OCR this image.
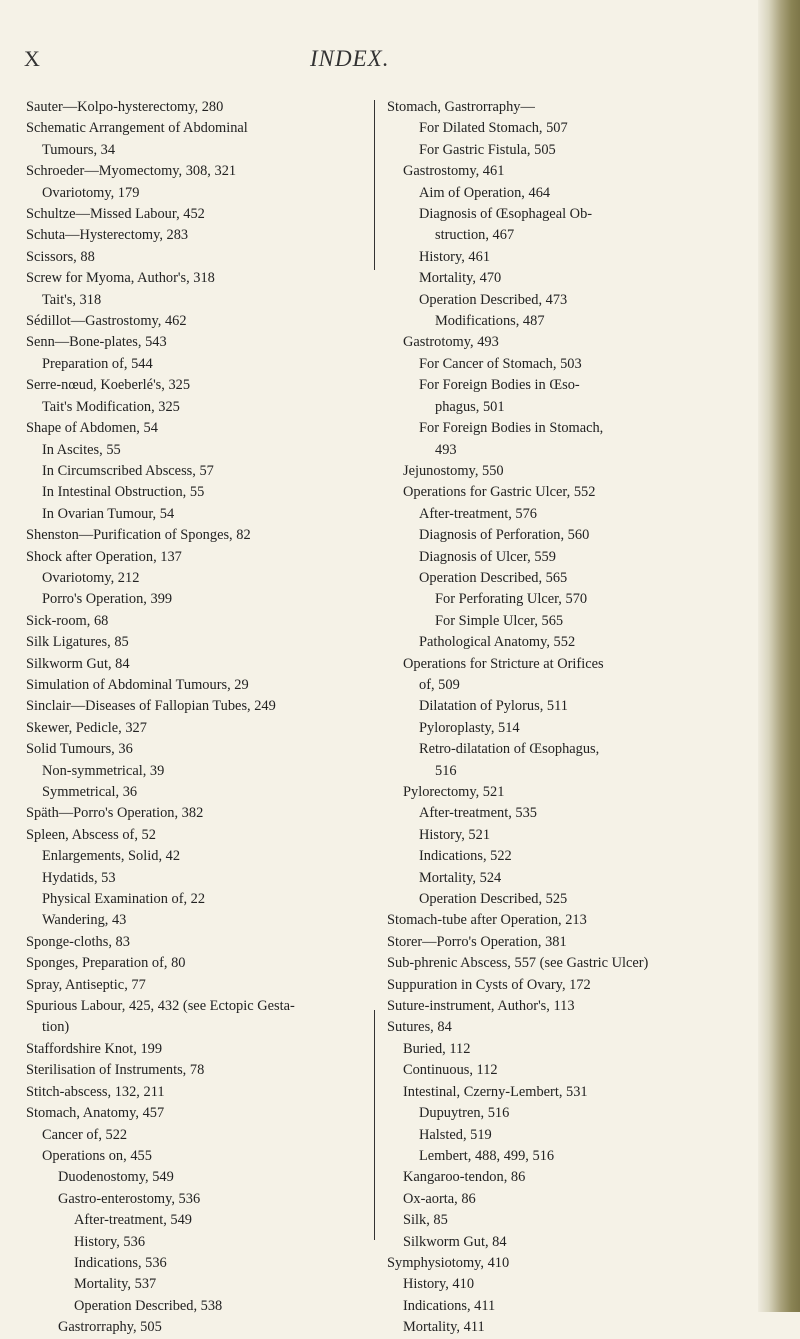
X	INDEX.
Sauter—Kolpo-hysterectomy, 280
Schematic Arrangement of Abdominal
Tumours, 34
Schroeder—Myomectomy, 308, 321
Ovariotomy, 179
Schultze—Missed Labour, 452
Schuta—Hysterectomy, 283
Scissors, 88
Screw for Myoma, Author's, 318
Tait's, 318
Sédillot—Gastrostomy, 462
Senn—Bone-plates, 543
Preparation of, 544
Serre-nœud, Koeberlé's, 325
Tait's Modification, 325
Shape of Abdomen, 54
In Ascites, 55
In Circumscribed Abscess, 57
In Intestinal Obstruction, 55
In Ovarian Tumour, 54
Shenston—Purification of Sponges, 82
Shock after Operation, 137
Ovariotomy, 212
Porro's Operation, 399
Sick-room, 68
Silk Ligatures, 85
Silkworm Gut, 84
Simulation of Abdominal Tumours, 29
Sinclair—Diseases of Fallopian Tubes, 249
Skewer, Pedicle, 327
Solid Tumours, 36
Non-symmetrical, 39
Symmetrical, 36
Späth—Porro's Operation, 382
Spleen, Abscess of, 52
Enlargements, Solid, 42
Hydatids, 53
Physical Examination of, 22
Wandering, 43
Sponge-cloths, 83
Sponges, Preparation of, 80
Spray, Antiseptic, 77
Spurious Labour, 425, 432 (see Ectopic Gesta-
tion)
Staffordshire Knot, 199
Sterilisation of Instruments, 78
Stitch-abscess, 132, 211
Stomach, Anatomy, 457
Cancer of, 522
Operations on, 455
Duodenostomy, 549
Gastro-enterostomy, 536
After-treatment, 549
History, 536
Indications, 536
Mortality, 537
Operation Described, 538
Gastrorraphy, 505
Stomach, Gastrorraphy—
For Dilated Stomach, 507
For Gastric Fistula, 505
Gastrostomy, 461
Aim of Operation, 464
Diagnosis of Œsophageal Ob-
struction, 467
History, 461
Mortality, 470
Operation Described, 473
Modifications, 487
Gastrotomy, 493
For Cancer of Stomach, 503
For Foreign Bodies in Œso-
phagus, 501
For Foreign Bodies in Stomach,
493
Jejunostomy, 550
Operations for Gastric Ulcer, 552
After-treatment, 576
Diagnosis of Perforation, 560
Diagnosis of Ulcer, 559
Operation Described, 565
For Perforating Ulcer, 570
For Simple Ulcer, 565
Pathological Anatomy, 552
Operations for Stricture at Orifices
of, 509
Dilatation of Pylorus, 511
Pyloroplasty, 514
Retro-dilatation of Œsophagus,
516
Pylorectomy, 521
After-treatment, 535
History, 521
Indications, 522
Mortality, 524
Operation Described, 525
Stomach-tube after Operation, 213
Storer—Porro's Operation, 381
Sub-phrenic Abscess, 557 (see Gastric Ulcer)
Suppuration in Cysts of Ovary, 172
Suture-instrument, Author's, 113
Sutures, 84
Buried, 112
Continuous, 112
Intestinal, Czerny-Lembert, 531
Dupuytren, 516
Halsted, 519
Lembert, 488, 499, 516
Kangaroo-tendon, 86
Ox-aorta, 86
Silk, 85
Silkworm Gut, 84
Symphysiotomy, 410
History, 410
Indications, 411
Mortality, 411
